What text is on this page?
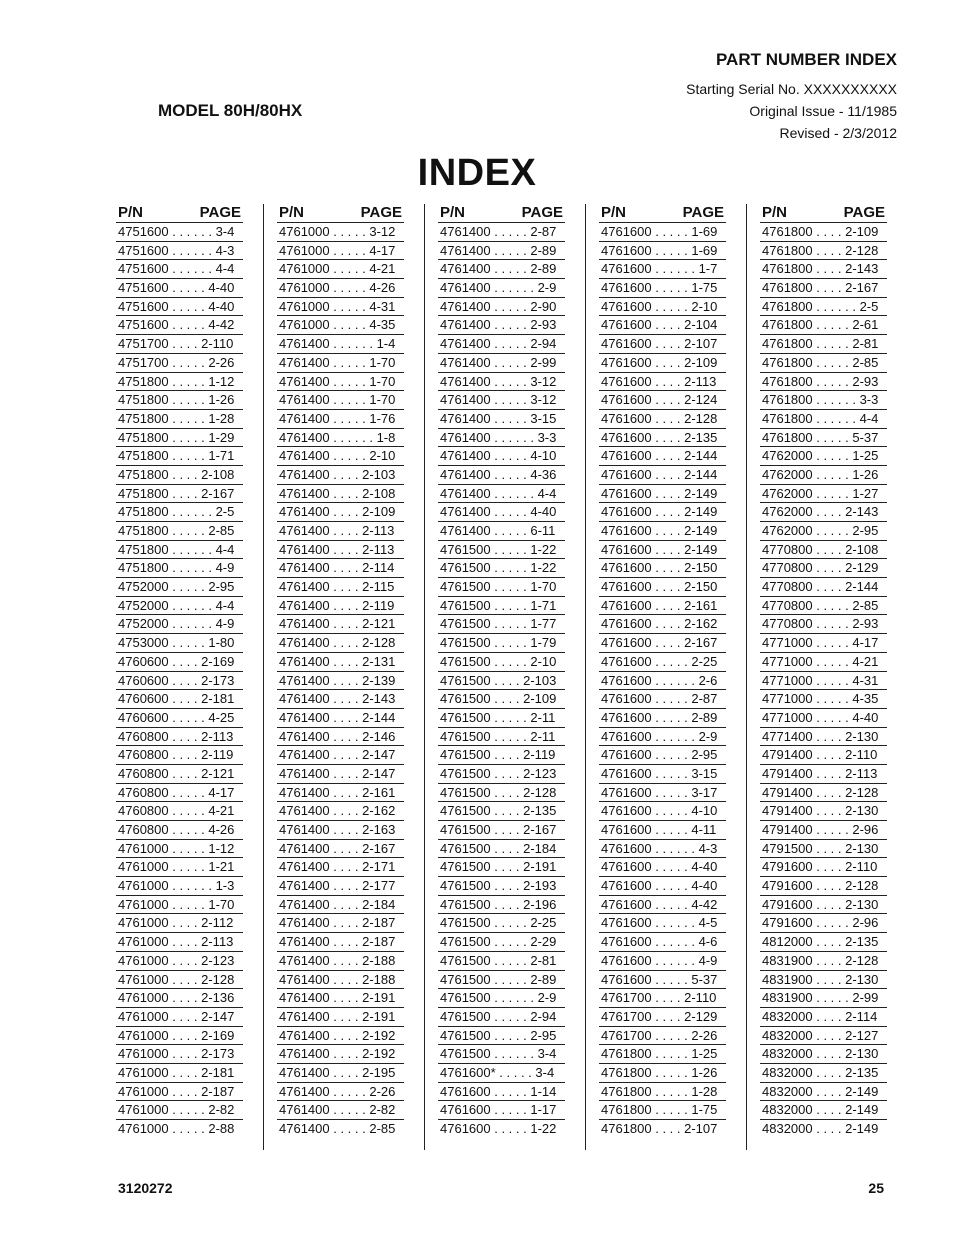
PART NUMBER INDEX
Starting Serial No. XXXXXXXXXX
Original Issue - 11/1985
Revised - 2/3/2012
MODEL 80H/80HX
INDEX
P/N	PAGE
4751600 . . . . . . 3-4
4751600 . . . . . . 4-3
4751600 . . . . . . 4-4
4751600 . . . . . 4-40
4751600 . . . . . 4-40
4751600 . . . . . 4-42
4751700 . . . . 2-110
4751700 . . . . . 2-26
4751800 . . . . . 1-12
4751800 . . . . . 1-26
4751800 . . . . . 1-28
4751800 . . . . . 1-29
4751800 . . . . . 1-71
4751800 . . . . 2-108
4751800 . . . . 2-167
4751800 . . . . . . 2-5
4751800 . . . . . 2-85
4751800 . . . . . . 4-4
4751800 . . . . . . 4-9
4752000 . . . . . 2-95
4752000 . . . . . . 4-4
4752000 . . . . . . 4-9
4753000 . . . . . 1-80
4760600 . . . . 2-169
4760600 . . . . 2-173
4760600 . . . . 2-181
4760600 . . . . . 4-25
4760800 . . . . 2-113
4760800 . . . . 2-119
4760800 . . . . 2-121
4760800 . . . . . 4-17
4760800 . . . . . 4-21
4760800 . . . . . 4-26
4761000 . . . . . 1-12
4761000 . . . . . 1-21
4761000 . . . . . . 1-3
4761000 . . . . . 1-70
4761000 . . . . 2-112
4761000 . . . . 2-113
4761000 . . . . 2-123
4761000 . . . . 2-128
4761000 . . . . 2-136
4761000 . . . . 2-147
4761000 . . . . 2-169
4761000 . . . . 2-173
4761000 . . . . 2-181
4761000 . . . . 2-187
4761000 . . . . . 2-82
4761000 . . . . . 2-88
P/N	PAGE
4761000 . . . . . 3-12
4761000 . . . . . 4-17
4761000 . . . . . 4-21
4761000 . . . . . 4-26
4761000 . . . . . 4-31
4761000 . . . . . 4-35
4761400 . . . . . . 1-4
4761400 . . . . . 1-70
4761400 . . . . . 1-70
4761400 . . . . . 1-70
4761400 . . . . . 1-76
4761400 . . . . . . 1-8
4761400 . . . . . 2-10
4761400 . . . . 2-103
4761400 . . . . 2-108
4761400 . . . . 2-109
4761400 . . . . 2-113
4761400 . . . . 2-113
4761400 . . . . 2-114
4761400 . . . . 2-115
4761400 . . . . 2-119
4761400 . . . . 2-121
4761400 . . . . 2-128
4761400 . . . . 2-131
4761400 . . . . 2-139
4761400 . . . . 2-143
4761400 . . . . 2-144
4761400 . . . . 2-146
4761400 . . . . 2-147
4761400 . . . . 2-147
4761400 . . . . 2-161
4761400 . . . . 2-162
4761400 . . . . 2-163
4761400 . . . . 2-167
4761400 . . . . 2-171
4761400 . . . . 2-177
4761400 . . . . 2-184
4761400 . . . . 2-187
4761400 . . . . 2-187
4761400 . . . . 2-188
4761400 . . . . 2-188
4761400 . . . . 2-191
4761400 . . . . 2-191
4761400 . . . . 2-192
4761400 . . . . 2-192
4761400 . . . . 2-195
4761400 . . . . . 2-26
4761400 . . . . . 2-82
4761400 . . . . . 2-85
P/N	PAGE
4761400 . . . . . 2-87
4761400 . . . . . 2-89
4761400 . . . . . 2-89
4761400 . . . . . . 2-9
4761400 . . . . . 2-90
4761400 . . . . . 2-93
4761400 . . . . . 2-94
4761400 . . . . . 2-99
4761400 . . . . . 3-12
4761400 . . . . . 3-12
4761400 . . . . . 3-15
4761400 . . . . . . 3-3
4761400 . . . . . 4-10
4761400 . . . . . 4-36
4761400 . . . . . . 4-4
4761400 . . . . . 4-40
4761400 . . . . . 6-11
4761500 . . . . . 1-22
4761500 . . . . . 1-22
4761500 . . . . . 1-70
4761500 . . . . . 1-71
4761500 . . . . . 1-77
4761500 . . . . . 1-79
4761500 . . . . . 2-10
4761500 . . . . 2-103
4761500 . . . . 2-109
4761500 . . . . . 2-11
4761500 . . . . . 2-11
4761500 . . . . 2-119
4761500 . . . . 2-123
4761500 . . . . 2-128
4761500 . . . . 2-135
4761500 . . . . 2-167
4761500 . . . . 2-184
4761500 . . . . 2-191
4761500 . . . . 2-193
4761500 . . . . 2-196
4761500 . . . . . 2-25
4761500 . . . . . 2-29
4761500 . . . . . 2-81
4761500 . . . . . 2-89
4761500 . . . . . . 2-9
4761500 . . . . . 2-94
4761500 . . . . . 2-95
4761500 . . . . . . 3-4
4761600* . . . . . 3-4
4761600 . . . . . 1-14
4761600 . . . . . 1-17
4761600 . . . . . 1-22
P/N	PAGE
4761600 . . . . . 1-69
4761600 . . . . . 1-69
4761600 . . . . . . 1-7
4761600 . . . . . 1-75
4761600 . . . . . 2-10
4761600 . . . . 2-104
4761600 . . . . 2-107
4761600 . . . . 2-109
4761600 . . . . 2-113
4761600 . . . . 2-124
4761600 . . . . 2-128
4761600 . . . . 2-135
4761600 . . . . 2-144
4761600 . . . . 2-144
4761600 . . . . 2-149
4761600 . . . . 2-149
4761600 . . . . 2-149
4761600 . . . . 2-149
4761600 . . . . 2-150
4761600 . . . . 2-150
4761600 . . . . 2-161
4761600 . . . . 2-162
4761600 . . . . 2-167
4761600 . . . . . 2-25
4761600 . . . . . . 2-6
4761600 . . . . . 2-87
4761600 . . . . . 2-89
4761600 . . . . . . 2-9
4761600 . . . . . 2-95
4761600 . . . . . 3-15
4761600 . . . . . 3-17
4761600 . . . . . 4-10
4761600 . . . . . 4-11
4761600 . . . . . . 4-3
4761600 . . . . . 4-40
4761600 . . . . . 4-40
4761600 . . . . . 4-42
4761600 . . . . . . 4-5
4761600 . . . . . . 4-6
4761600 . . . . . . 4-9
4761600 . . . . . 5-37
4761700 . . . . 2-110
4761700 . . . . 2-129
4761700 . . . . . 2-26
4761800 . . . . . 1-25
4761800 . . . . . 1-26
4761800 . . . . . 1-28
4761800 . . . . . 1-75
4761800 . . . . 2-107
P/N	PAGE
4761800 . . . . 2-109
4761800 . . . . 2-128
4761800 . . . . 2-143
4761800 . . . . 2-167
4761800 . . . . . . 2-5
4761800 . . . . . 2-61
4761800 . . . . . 2-81
4761800 . . . . . 2-85
4761800 . . . . . 2-93
4761800 . . . . . . 3-3
4761800 . . . . . . 4-4
4761800 . . . . . 5-37
4762000 . . . . . 1-25
4762000 . . . . . 1-26
4762000 . . . . . 1-27
4762000 . . . . 2-143
4762000 . . . . . 2-95
4770800 . . . . 2-108
4770800 . . . . 2-129
4770800 . . . . 2-144
4770800 . . . . . 2-85
4770800 . . . . . 2-93
4771000 . . . . . 4-17
4771000 . . . . . 4-21
4771000 . . . . . 4-31
4771000 . . . . . 4-35
4771000 . . . . . 4-40
4771400 . . . . 2-130
4791400 . . . . 2-110
4791400 . . . . 2-113
4791400 . . . . 2-128
4791400 . . . . 2-130
4791400 . . . . . 2-96
4791500 . . . . 2-130
4791600 . . . . 2-110
4791600 . . . . 2-128
4791600 . . . . 2-130
4791600 . . . . . 2-96
4812000 . . . . 2-135
4831900 . . . . 2-128
4831900 . . . . 2-130
4831900 . . . . . 2-99
4832000 . . . . 2-114
4832000 . . . . 2-127
4832000 . . . . 2-130
4832000 . . . . 2-135
4832000 . . . . 2-149
4832000 . . . . 2-149
4832000 . . . . 2-149
3120272	25
